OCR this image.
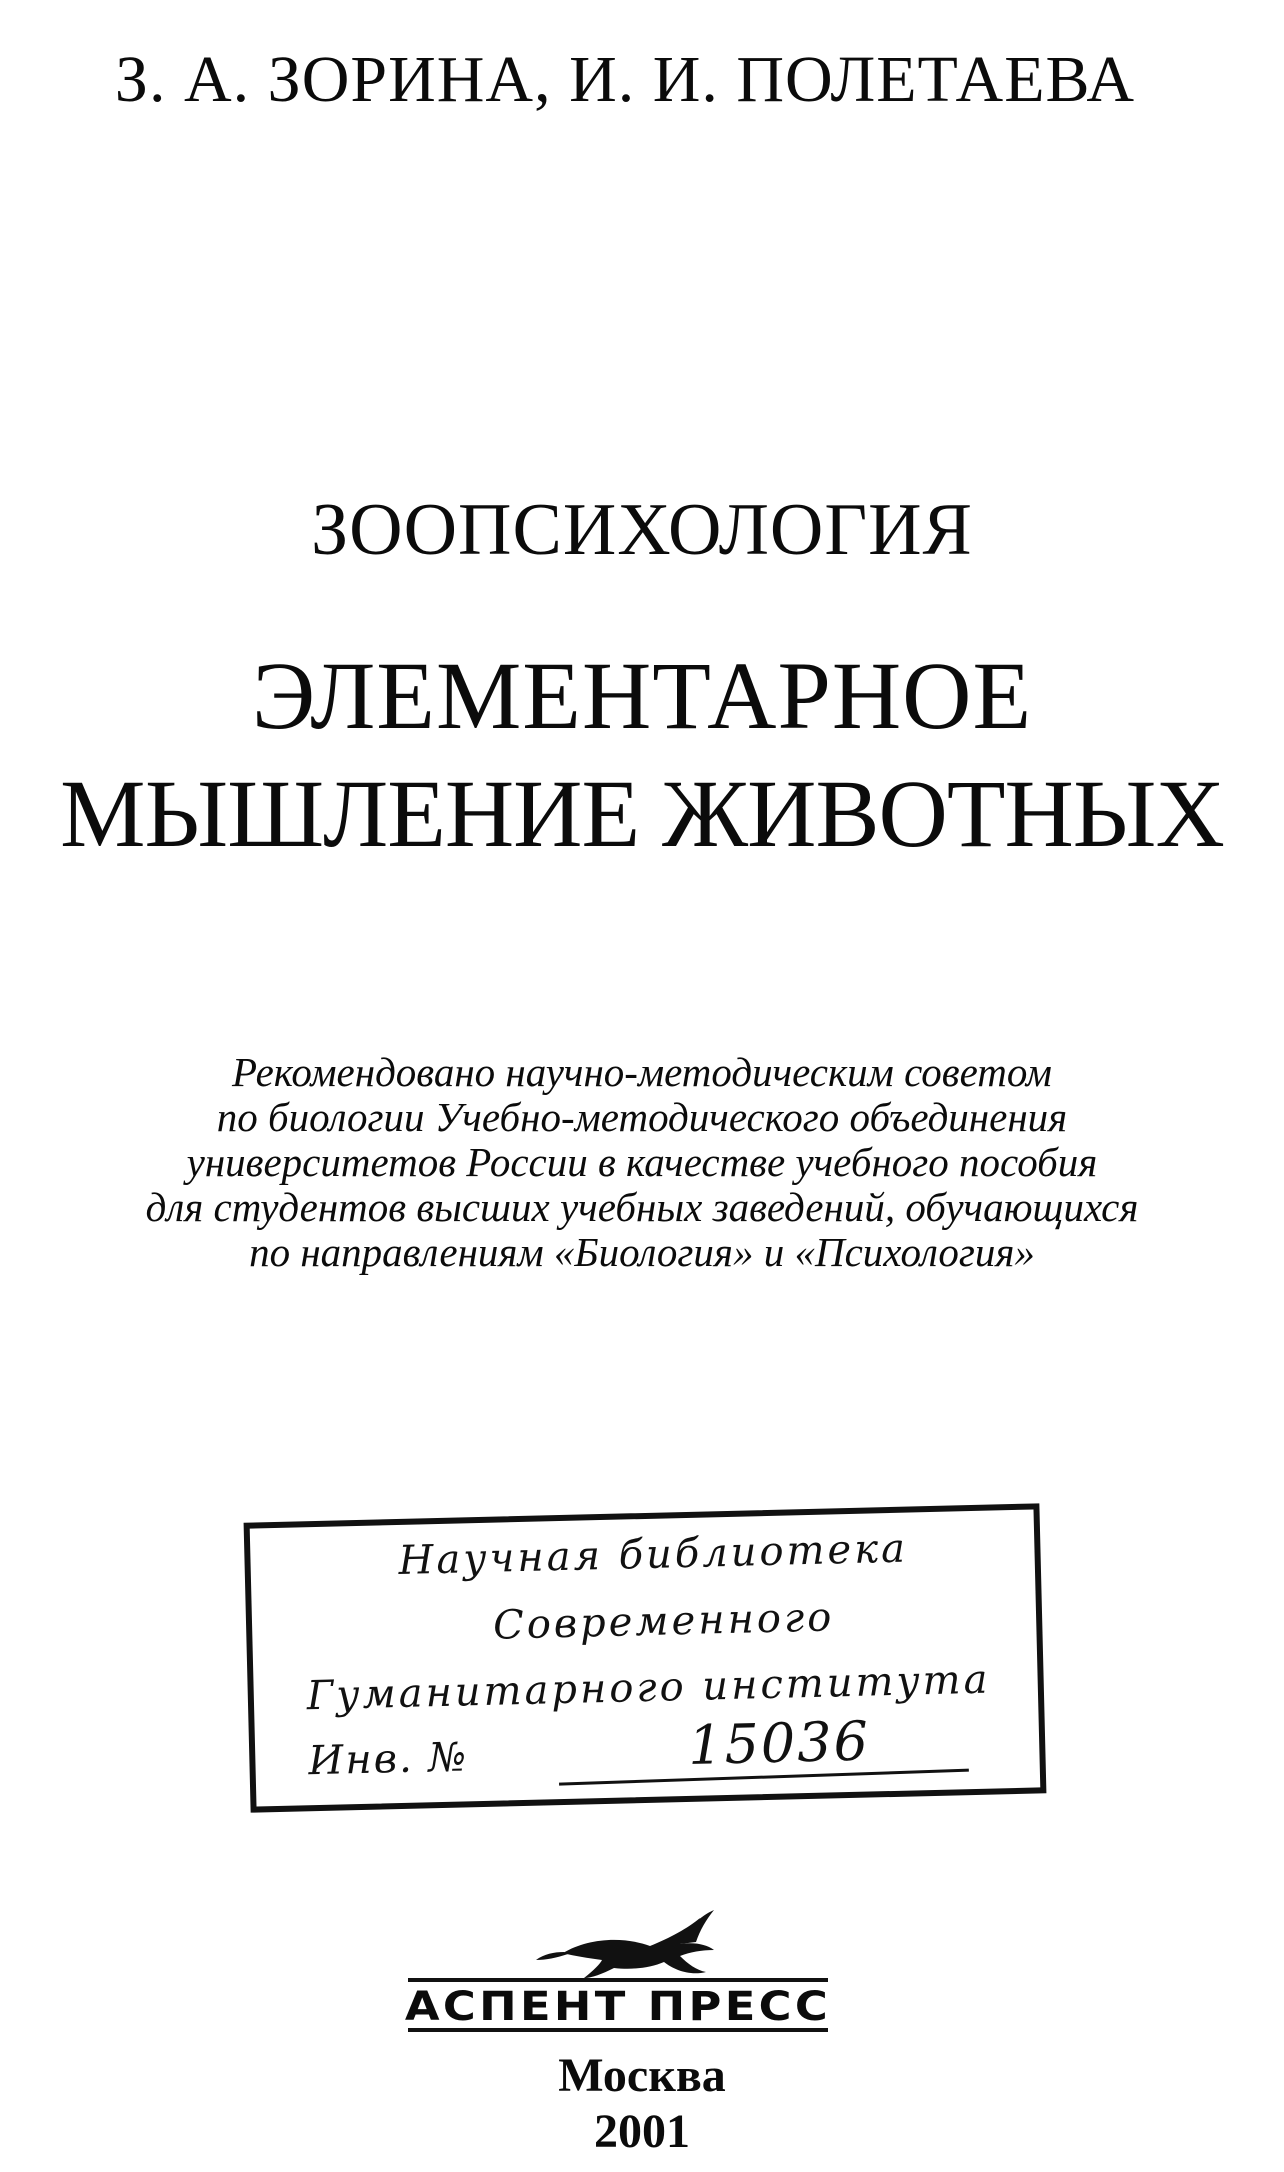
З. А. ЗОРИНА, И. И. ПОЛЕТАЕВА
ЗООПСИХОЛОГИЯ
ЭЛЕМЕНТАРНОЕ
МЫШЛЕНИЕ ЖИВОТНЫХ
Рекомендовано научно-методическим советом
по биологии Учебно-методического объединения
университетов России в качестве учебного пособия
для студентов высших учебных заведений, обучающихся
по направлениям «Биология» и «Психология»
Научная библиотека
Современного
Гуманитарного института
Инв. №	15036
АСПЕНТ ПРЕСС
Москва
2001
